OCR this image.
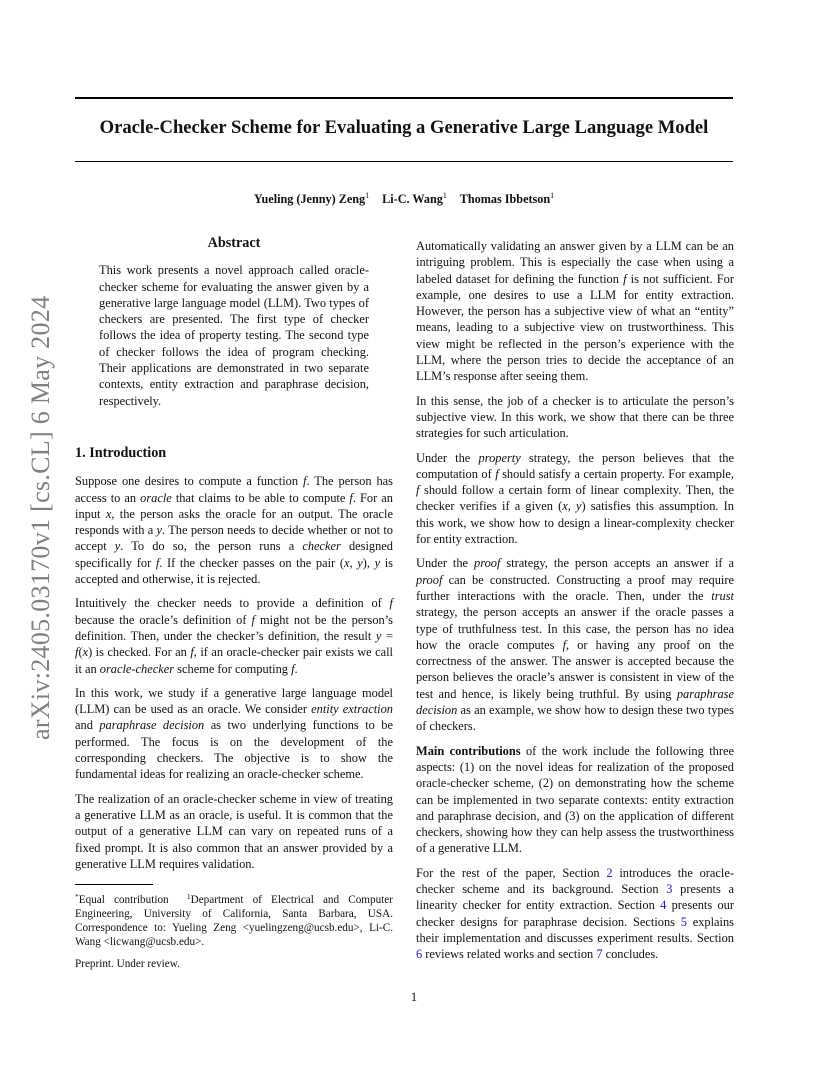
Oracle-Checker Scheme for Evaluating a Generative Large Language Model
Yueling (Jenny) Zeng$^1$ Li-C. Wang$^1$ Thomas Ibbetson$^1$
arXiv:2405.03170v1 [cs.CL] 6 May 2024
Abstract
This work presents a novel approach called oracle-checker scheme for evaluating the answer given by a generative large language model (LLM). Two types of checkers are presented. The first type of checker follows the idea of property testing. The second type of checker follows the idea of program checking. Their applications are demonstrated in two separate contexts, entity extraction and paraphrase decision, respectively.
1. Introduction

Suppose one desires to compute a function f. The person has access to an oracle that claims to be able to compute f. For an input x, the person asks the oracle for an output. The oracle responds with a y. The person needs to decide whether or not to accept y. To do so, the person runs a checker designed specifically for f. If the checker passes on the pair (x, y), y is accepted and otherwise, it is rejected.

Intuitively the checker needs to provide a definition of f because the oracle’s definition of f might not be the person’s definition. Then, under the checker’s definition, the result y = f(x) is checked. For an f, if an oracle-checker pair exists we call it an oracle-checker scheme for computing f.

In this work, we study if a generative large language model (LLM) can be used as an oracle. We consider entity extraction and paraphrase decision as two underlying functions to be performed. The focus is on the development of the corresponding checkers. The objective is to show the fundamental ideas for realizing an oracle-checker scheme.

The realization of an oracle-checker scheme in view of treating a generative LLM as an oracle, is useful. It is common that the output of a generative LLM can vary on repeated runs of a fixed prompt. It is also common that an answer provided by a generative LLM requires validation.

*Equal contribution  $^1$Department of Electrical and Computer Engineering, University of California, Santa Barbara, USA. Correspondence to: Yueling Zeng <yuelingzeng@ucsb.edu>, Li-C. Wang <licwang@ucsb.edu>.
Preprint. Under review.

Automatically validating an answer given by a LLM can be an intriguing problem. This is especially the case when using a labeled dataset for defining the function f is not sufficient. For example, one desires to use a LLM for entity extraction. However, the person has a subjective view of what an “entity” means, leading to a subjective view on trustworthiness. This view might be reflected in the person’s experience with the LLM, where the person tries to decide the acceptance of an LLM’s response after seeing them.

In this sense, the job of a checker is to articulate the person’s subjective view. In this work, we show that there can be three strategies for such articulation.

Under the property strategy, the person believes that the computation of f should satisfy a certain property. For example, f should follow a certain form of linear complexity. Then, the checker verifies if a given (x, y) satisfies this assumption. In this work, we show how to design a linear-complexity checker for entity extraction.

Under the proof strategy, the person accepts an answer if a proof can be constructed. Constructing a proof may require further interactions with the oracle. Then, under the trust strategy, the person accepts an answer if the oracle passes a type of truthfulness test. In this case, the person has no idea how the oracle computes f, or having any proof on the correctness of the answer. The answer is accepted because the person believes the oracle’s answer is consistent in view of the test and hence, is likely being truthful. By using paraphrase decision as an example, we show how to design these two types of checkers.

Main contributions of the work include the following three aspects: (1) on the novel ideas for realization of the proposed oracle-checker scheme, (2) on demonstrating how the scheme can be implemented in two separate contexts: entity extraction and paraphrase decision, and (3) on the application of different checkers, showing how they can help assess the trustworthiness of a generative LLM.

For the rest of the paper, Section 2 introduces the oracle-checker scheme and its background. Section 3 presents a linearity checker for entity extraction. Section 4 presents our checker designs for paraphrase decision. Sections 5 explains their implementation and discusses experiment results. Section 6 reviews related works and section 7 concludes.

1
